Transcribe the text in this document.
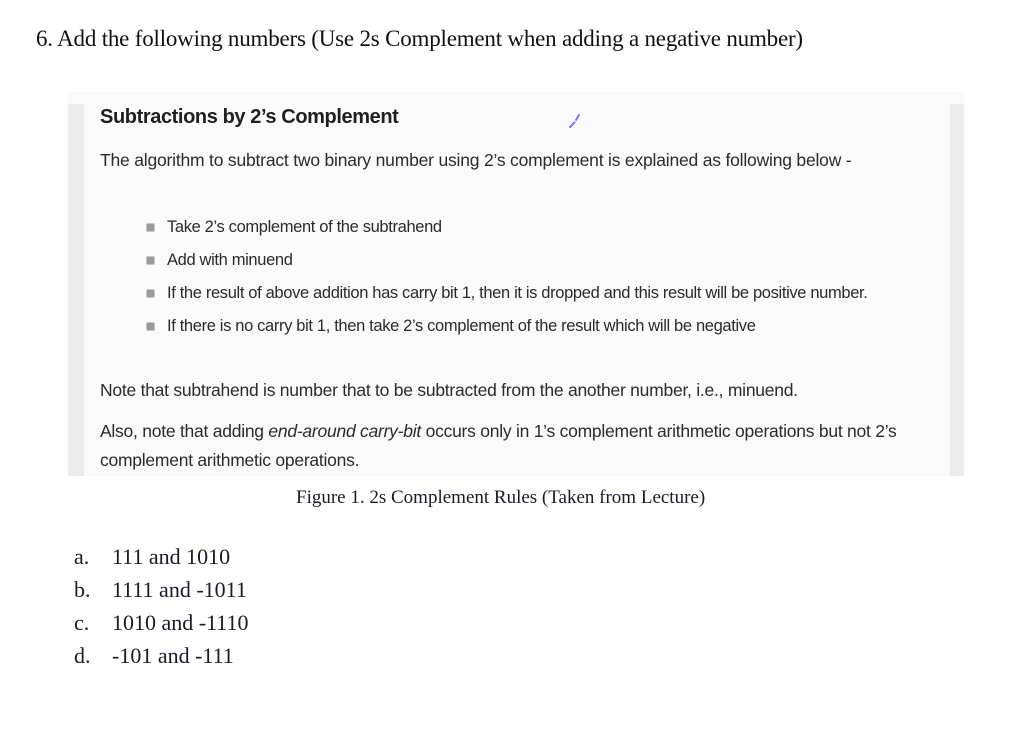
6. Add the following numbers (Use 2s Complement when adding a negative number)
Subtractions by 2’s Complement
The algorithm to subtract two binary number using 2’s complement is explained as following below -
Take 2’s complement of the subtrahend
Add with minuend
If the result of above addition has carry bit 1, then it is dropped and this result will be positive number.
If there is no carry bit 1, then take 2’s complement of the result which will be negative
Note that subtrahend is number that to be subtracted from the another number, i.e., minuend.
Also, note that adding end-around carry-bit occurs only in 1’s complement arithmetic operations but not 2’s complement arithmetic operations.
Figure 1. 2s Complement Rules (Taken from Lecture)
a.	111 and 1010
b. 1111 and -1011
c.	1010 and -1110
d. -101 and -111
